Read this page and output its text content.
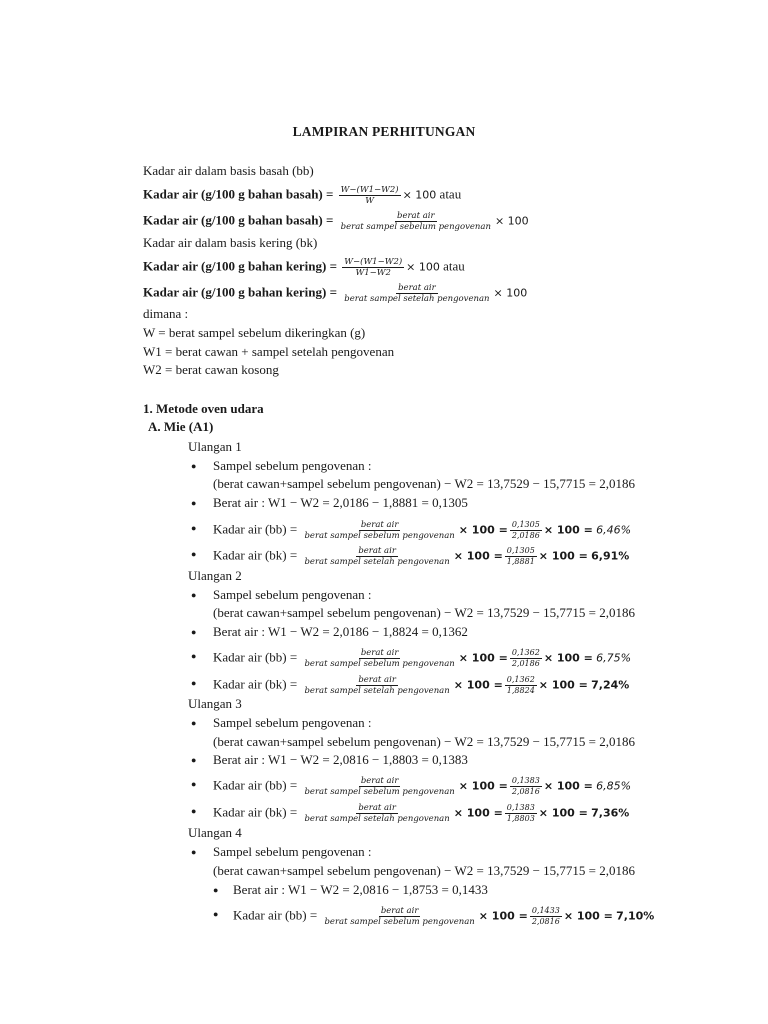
LAMPIRAN PERHITUNGAN
Kadar air dalam basis basah (bb)
Kadar air (g/100 g bahan basah) = $\frac{W-(W1-W2)}{W} \times 100$ atau
Kadar air (g/100 g bahan basah) = $\frac{\text{berat air}}{\text{berat sampel sebelum pengovenan}} \times 100$
Kadar air dalam basis kering (bk)
Kadar air (g/100 g bahan kering) = $\frac{W-(W1-W2)}{W1-W2} \times 100$ atau
Kadar air (g/100 g bahan kering) = $\frac{\text{berat air}}{\text{berat sampel setelah pengovenan}} \times 100$
dimana :
W = berat sampel sebelum dikeringkan (g)
W1 = berat cawan + sampel setelah pengovenan
W2 = berat cawan kosong
1. Metode oven udara
A. Mie (A1)
Ulangan 1
● Sampel sebelum pengovenan :
(berat cawan+sampel sebelum pengovenan) − W2 = 13,7529 − 15,7715 = 2,0186
● Berat air : W1 − W2 = 2,0186 − 1,8881 = 0,1305
● Kadar air $(bb) = \frac{\text{berat air}}{\text{berat sampel sebelum pengovenan}} \times 100 = \frac{0,1305}{2,0186} \times 100 = 6,46\%$
● Kadar air $(bk) = \frac{\text{berat air}}{\text{berat sampel setelah pengovenan}} \times 100 = \frac{0,1305}{1,8881} \times 100 = 6,91\%$
Ulangan 2
● Sampel sebelum pengovenan :
(berat cawan+sampel sebelum pengovenan) − W2 = 13,7529 − 15,7715 = 2,0186
● Berat air : W1 − W2 = 2,0186 − 1,8824 = 0,1362
● Kadar air $(bb) = \frac{\text{berat air}}{\text{berat sampel sebelum pengovenan}} \times 100 = \frac{0,1362}{2,0186} \times 100 = 6,75\%$
● Kadar air $(bk) = \frac{\text{berat air}}{\text{berat sampel setelah pengovenan}} \times 100 = \frac{0,1362}{1,8824} \times 100 = 7,24\%$
Ulangan 3
● Sampel sebelum pengovenan :
(berat cawan+sampel sebelum pengovenan) − W2 = 13,7529 − 15,7715 = 2,0186
● Berat air : W1 − W2 = 2,0816 − 1,8803 = 0,1383
● Kadar air $(bb) = \frac{\text{berat air}}{\text{berat sampel sebelum pengovenan}} \times 100 = \frac{0,1383}{2,0816} \times 100 = 6,85\%$
● Kadar air $(bk) = \frac{\text{berat air}}{\text{berat sampel setelah pengovenan}} \times 100 = \frac{0,1383}{1,8803} \times 100 = 7,36\%$
Ulangan 4
● Sampel sebelum pengovenan :
(berat cawan+sampel sebelum pengovenan) − W2 = 13,7529 − 15,7715 = 2,0186
● Berat air : W1 − W2 = 2,0816 − 1,8753 = 0,1433
● Kadar air $(bb) = \frac{\text{berat air}}{\text{berat sampel sebelum pengovenan}} \times 100 = \frac{0,1433}{2,0816} \times 100 = 7,10\%$
